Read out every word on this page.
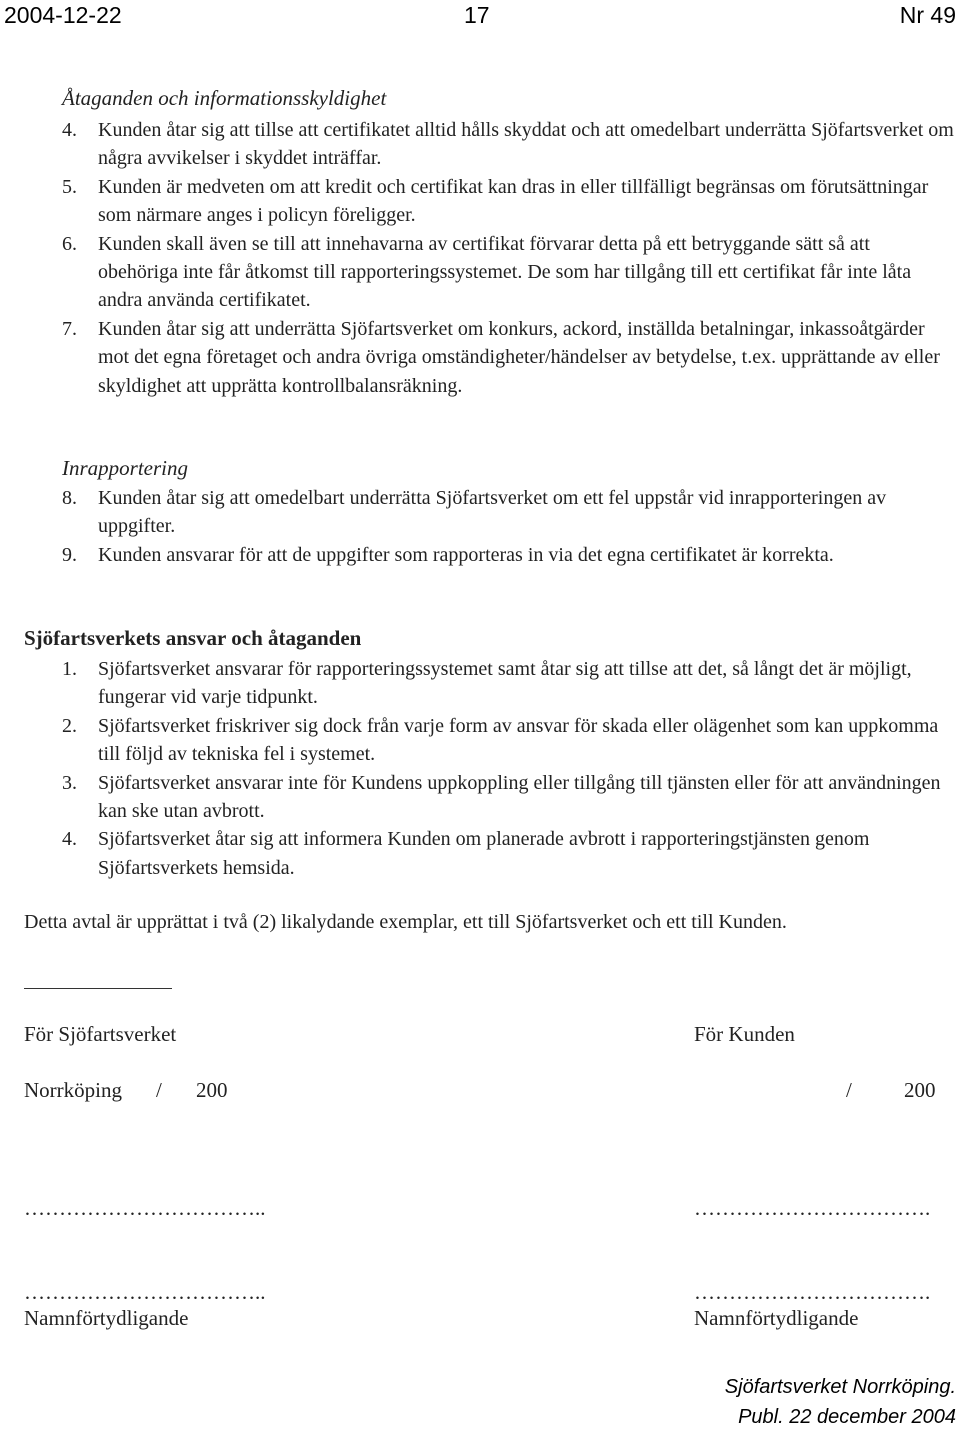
2004-12-22	17	Nr 49
Åtaganden och informationsskyldighet
4. Kunden åtar sig att tillse att certifikatet alltid hålls skyddat och att omedelbart underrätta Sjöfartsverket om några avvikelser i skyddet inträffar.
5. Kunden är medveten om att kredit och certifikat kan dras in eller tillfälligt begränsas om förutsättningar som närmare anges i policyn föreligger.
6. Kunden skall även se till att innehavarna av certifikat förvarar detta på ett betryggande sätt så att obehöriga inte får åtkomst till rapporteringssystemet. De som har tillgång till ett certifikat får inte låta andra använda certifikatet.
7. Kunden åtar sig att underrätta Sjöfartsverket om konkurs, ackord, inställda betalningar, inkassoåtgärder mot det egna företaget och andra övriga omständigheter/händelser av betydelse, t.ex. upprättande av eller skyldighet att upprätta kontrollbalansräkning.
Inrapportering
8. Kunden åtar sig att omedelbart underrätta Sjöfartsverket om ett fel uppstår vid inrapporteringen av uppgifter.
9. Kunden ansvarar för att de uppgifter som rapporteras in via det egna certifikatet är korrekta.
Sjöfartsverkets ansvar och åtaganden
1. Sjöfartsverket ansvarar för rapporteringssystemet samt åtar sig att tillse att det, så långt det är möjligt, fungerar vid varje tidpunkt.
2. Sjöfartsverket friskriver sig dock från varje form av ansvar för skada eller olägenhet som kan uppkomma till följd av tekniska fel i systemet.
3. Sjöfartsverket ansvarar inte för Kundens uppkoppling eller tillgång till tjänsten eller för att användningen kan ske utan avbrott.
4. Sjöfartsverket åtar sig att informera Kunden om planerade avbrott i rapporteringstjänsten genom Sjöfartsverkets hemsida.
Detta avtal är upprättat i två (2) likalydande exemplar, ett till Sjöfartsverket och ett till Kunden.
För Sjöfartsverket	För Kunden
Norrköping / 200	/ 200
……………………………..	…………………………….
……………………………..	…………………………….
Namnförtydligande	Namnförtydligande
Sjöfartsverket Norrköping.
Publ. 22 december 2004
